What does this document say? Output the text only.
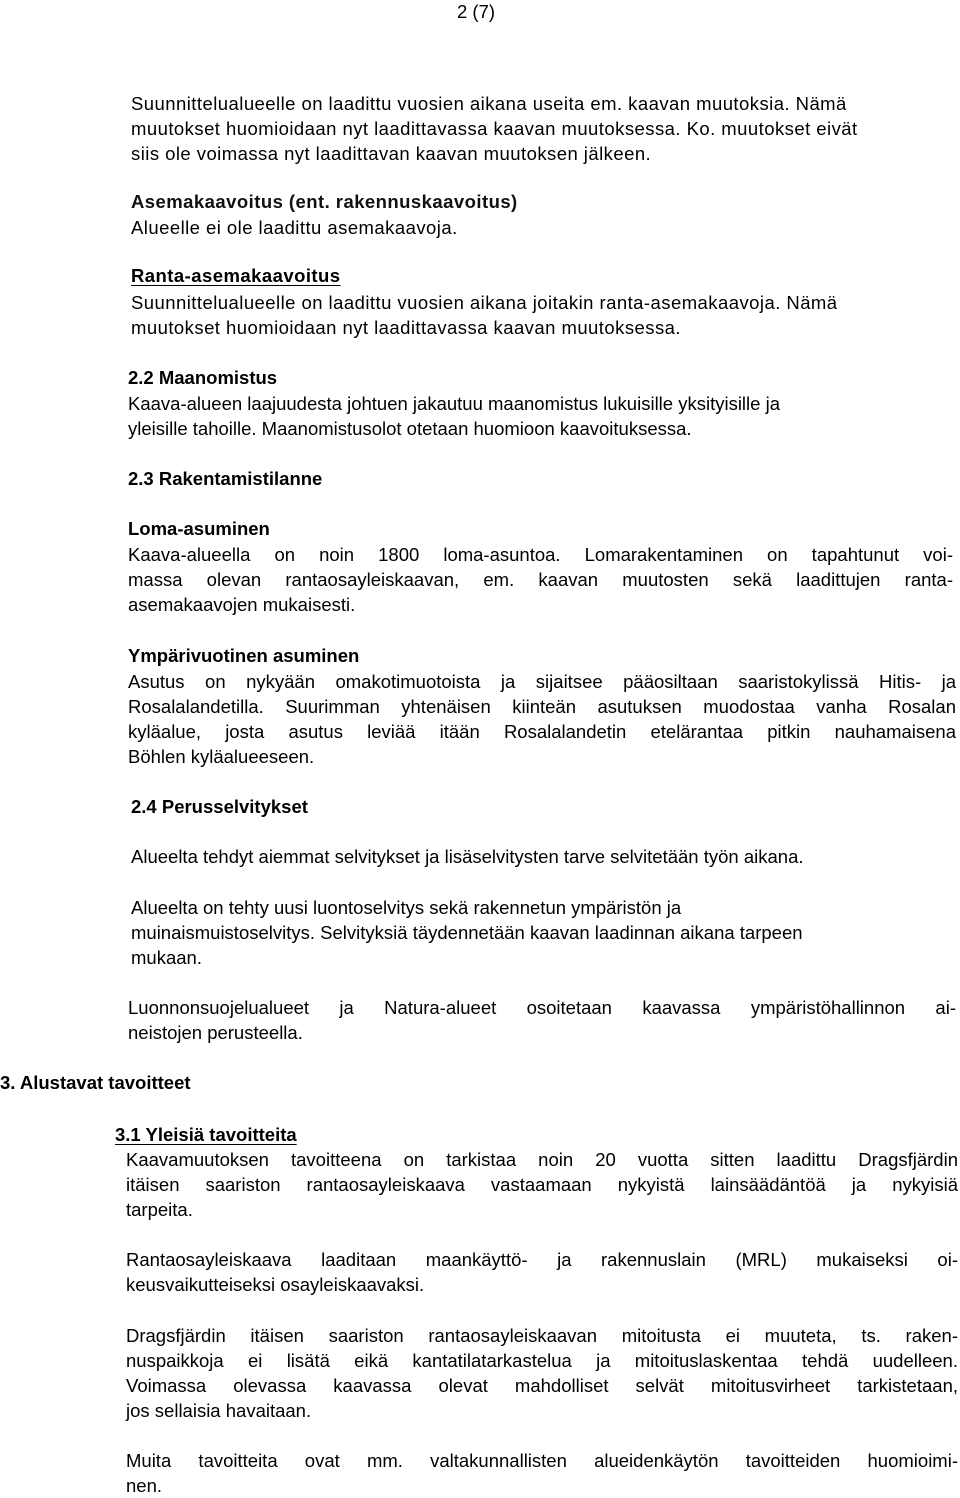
2 (7)
Suunnittelualueelle on laadittu vuosien aikana useita em. kaavan muutoksia. Nämä
muutokset huomioidaan nyt laadittavassa kaavan muutoksessa. Ko. muutokset eivät
siis ole voimassa nyt laadittavan kaavan muutoksen jälkeen.
Asemakaavoitus (ent. rakennuskaavoitus)
Alueelle ei ole laadittu asemakaavoja.
Ranta-asemakaavoitus
Suunnittelualueelle on laadittu vuosien aikana joitakin ranta-asemakaavoja. Nämä
muutokset huomioidaan nyt laadittavassa kaavan muutoksessa.
2.2 Maanomistus
Kaava-alueen laajuudesta johtuen jakautuu maanomistus lukuisille yksityisille ja
yleisille tahoille. Maanomistusolot otetaan huomioon kaavoituksessa.
2.3 Rakentamistilanne
Loma-asuminen
Kaava-alueella on noin 1800 loma-asuntoa. Lomarakentaminen on tapahtunut voi-
massa olevan rantaosayleiskaavan, em. kaavan muutosten sekä laadittujen ranta-
asemakaavojen mukaisesti.
Ympärivuotinen asuminen
Asutus on nykyään omakotimuotoista ja sijaitsee pääosiltaan saaristokylissä Hitis- ja
Rosalalandetilla. Suurimman yhtenäisen kiinteän asutuksen muodostaa vanha Rosalan
kyläalue, josta asutus leviää itään Rosalalandetin etelärantaa pitkin nauhamaisena
Böhlen kyläalueeseen.
2.4 Perusselvitykset
Alueelta tehdyt aiemmat selvitykset ja lisäselvitysten tarve selvitetään työn aikana.
Alueelta on tehty uusi luontoselvitys sekä rakennetun ympäristön ja
muinaismuistoselvitys. Selvityksiä täydennetään kaavan laadinnan aikana tarpeen
mukaan.
Luonnonsuojelualueet ja Natura-alueet osoitetaan kaavassa ympäristöhallinnon ai-
neistojen perusteella.
3. Alustavat tavoitteet
3.1 Yleisiä tavoitteita
Kaavamuutoksen tavoitteena on tarkistaa noin 20 vuotta sitten laadittu Dragsfjärdin
itäisen saariston rantaosayleiskaava vastaamaan nykyistä lainsäädäntöä ja nykyisiä
tarpeita.
Rantaosayleiskaava laaditaan maankäyttö- ja rakennuslain (MRL) mukaiseksi oi-
keusvaikutteiseksi osayleiskaavaksi.
Dragsfjärdin itäisen saariston rantaosayleiskaavan mitoitusta ei muuteta, ts. raken-
nuspaikkoja ei lisätä eikä kantatilatarkastelua ja mitoituslaskentaa tehdä uudelleen.
Voimassa olevassa kaavassa olevat mahdolliset selvät mitoitusvirheet tarkistetaan,
jos sellaisia havaitaan.
Muita tavoitteita ovat mm. valtakunnallisten alueidenkäytön tavoitteiden huomioimi-
nen.
